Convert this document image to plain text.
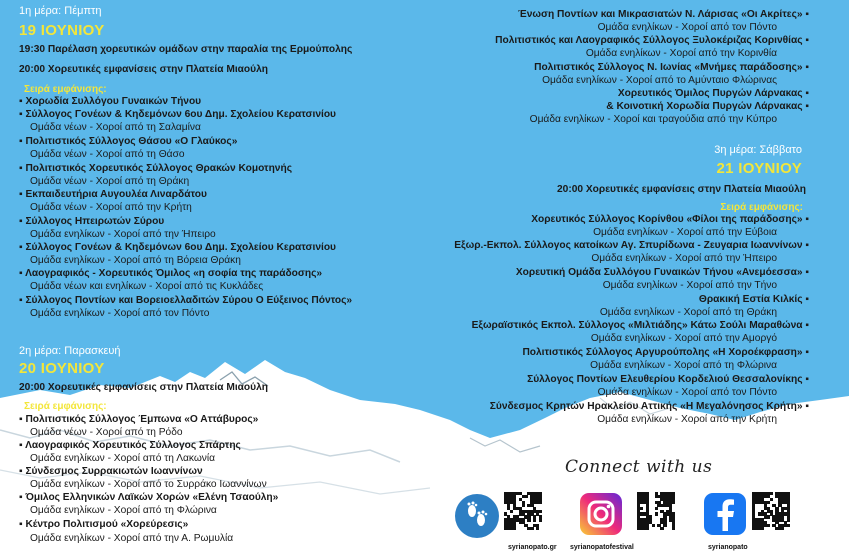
1η μέρα: Πέμπτη
19 ΙΟΥΝΙΟΥ
19:30 Παρέλαση χορευτικών ομάδων στην παραλία της Ερμούπολης
20:00 Χορευτικές εμφανίσεις στην Πλατεία Μιαούλη
Σειρά εμφάνισης:
▪ Χορωδία Συλλόγου Γυναικών Τήνου
▪ Σύλλογος Γονέων & Κηδεμόνων 6ου Δημ. Σχολείου Κερατσινίου
Ομάδα νέων - Χοροί από τη Σαλαμίνα
▪ Πολιτιστικός Σύλλογος Θάσου «Ο Γλαύκος»
Ομάδα νέων - Χοροί από τη Θάσο
▪ Πολιτιστικός Χορευτικός Σύλλογος Θρακών Κομοτηνής
Ομάδα νέων - Χοροί από τη Θράκη
▪ Εκπαιδευτήρια Αυγουλέα Λιναρδάτου
Ομάδα νέων - Χοροί από την Κρήτη
▪ Σύλλογος Ηπειρωτών Σύρου
Ομάδα ενηλίκων - Χοροί από την Ήπειρο
▪ Σύλλογος Γονέων & Κηδεμόνων 6ου Δημ. Σχολείου Κερατσινίου
Ομάδα ενηλίκων - Χοροί από τη Βόρεια Θράκη
▪ Λαογραφικός - Χορευτικός Όμιλος «η σοφία της παράδοσης»
Ομάδα νέων και ενηλίκων - Χοροί από τις Κυκλάδες
▪ Σύλλογος Ποντίων και Βορειοελλαδιτών Σύρου Ο Εύξεινος Πόντος»
Ομάδα ενηλίκων - Χοροί από τον Πόντο
2η μέρα: Παρασκευή
20 ΙΟΥΝΙΟΥ
20:00 Χορευτικές εμφανίσεις στην Πλατεία Μιαούλη
Σειρά εμφάνισης:
▪ Πολιτιστικός Σύλλογος Έμπωνα «Ο Αττάβυρος»
Ομάδα νέων - Χοροί από τη Ρόδο
▪ Λαογραφικός Χορευτικός Σύλλογος Σπάρτης
Ομάδα ενηλίκων - Χοροί από τη Λακωνία
▪ Σύνδεσμος Συρρακιωτών Ιωαννίνων
Ομάδα ενηλίκων - Χοροί από το Συρράκο Ιωαννίνων
▪ Όμιλος Ελληνικών Λαϊκών Χορών «Ελένη Τσαούλη»
Ομάδα ενηλίκων - Χοροί από τη Φλώρινα
▪ Κέντρο Πολιτισμού «Χορεύρεσις»
Ομάδα ενηλίκων - Χοροί από την Α. Ρωμυλία
Ένωση Ποντίων και Μικρασιατών Ν. Λάρισας «Οι Ακρίτες» ▪
Ομάδα ενηλίκων - Χοροί από τον Πόντο
Πολιτιστικός και Λαογραφικός Σύλλογος Ξυλοκέριζας Κορινθίας ▪
Ομάδα ενηλίκων - Χοροί από την Κορινθία
Πολιτιστικός Σύλλογος Ν. Ιωνίας «Μνήμες παράδοσης» ▪
Ομάδα ενηλίκων - Χοροί από το Αμύνταιο Φλώρινας
Χορευτικός Όμιλος Πυργών Λάρνακας ▪
& Κοινοτική Χορωδία Πυργών Λάρνακας ▪
Ομάδα ενηλίκων - Χοροί και τραγούδια από την Κύπρο
3η μέρα: Σάββατο
21 ΙΟΥΝΙΟΥ
20:00 Χορευτικές εμφανίσεις στην Πλατεία Μιαούλη
Σειρά εμφάνισης:
Χορευτικός Σύλλογος Κορίνθου «Φίλοι της παράδοσης» ▪
Ομάδα ενηλίκων - Χοροί από την Εύβοια
Εξωρ.-Εκπολ. Σύλλογος κατοίκων Αγ. Σπυρίδωνα - Ζευγαρια Ιωαννίνων ▪
Ομάδα ενηλίκων - Χοροί από την Ήπειρο
Χορευτική Ομάδα Συλλόγου Γυναικών Τήνου «Ανεμόεσσα» ▪
Ομάδα ενηλίκων - Χοροί από την Τήνο
Θρακική Εστία Κιλκίς ▪
Ομάδα ενηλίκων - Χοροί από τη Θράκη
Εξωραϊστικός Εκπολ. Σύλλογος «Μιλτιάδης» Κάτω Σούλι Μαραθώνα ▪
Ομάδα ενηλίκων - Χοροί από την Αμοργό
Πολιτιστικός Σύλλογος Αργυρούπολης «Η Χοροέκφραση» ▪
Ομάδα ενηλίκων - Χοροί από τη Φλώρινα
Σύλλογος Ποντίων Ελευθερίου Κορδελιού Θεσσαλονίκης ▪
Ομάδα ενηλίκων - Χοροί από τον Πόντο
Σύνδεσμος Κρητών Ηρακλείου Αττικής «Η Μεγαλόνησος Κρήτη» ▪
Ομάδα ενηλίκων - Χοροί από την Κρήτη
Connect with us
syrianopato.gr syrianopatofestival	syrianopato
